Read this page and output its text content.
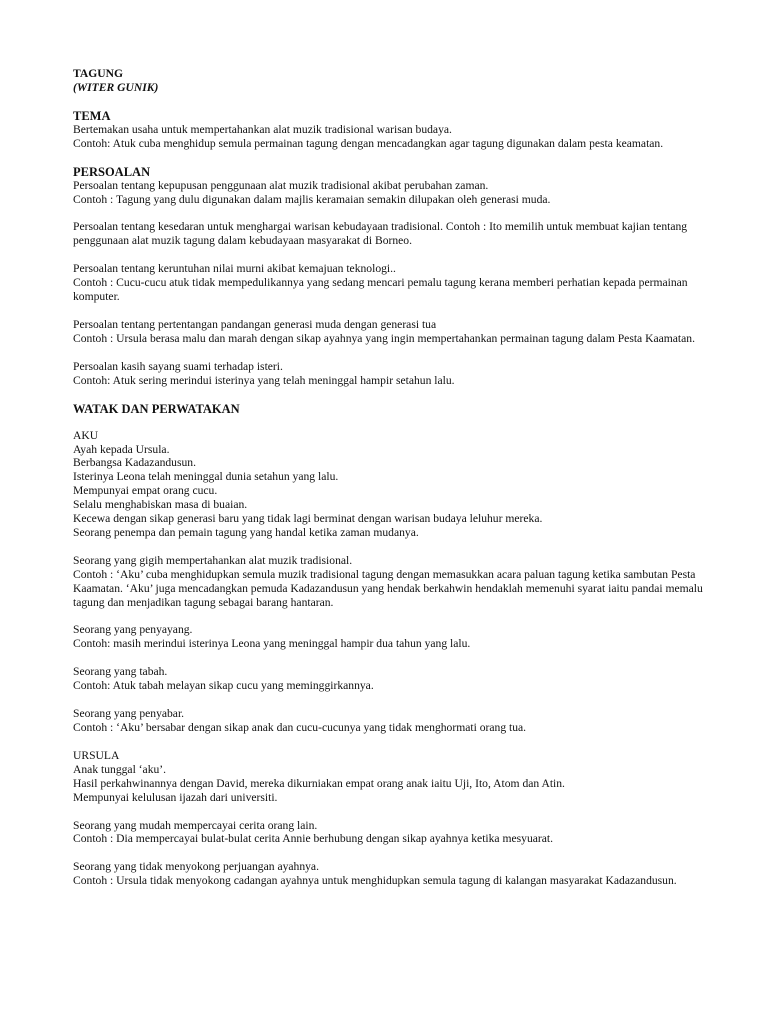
TAGUNG

(WITER GUNIK)

TEMA

Bertemakan usaha untuk mempertahankan alat muzik tradisional warisan budaya.

Contoh: Atuk cuba menghidup semula permainan tagung dengan mencadangkan agar tagung digunakan dalam pesta keamatan.

PERSOALAN

Persoalan tentang kepupusan penggunaan alat muzik tradisional akibat perubahan zaman.

Contoh : Tagung yang dulu digunakan dalam majlis keramaian semakin dilupakan oleh generasi muda.

Persoalan tentang kesedaran untuk menghargai warisan kebudayaan tradisional. Contoh : Ito memilih untuk membuat kajian tentang penggunaan alat muzik tagung dalam kebudayaan masyarakat di Borneo.

Persoalan tentang keruntuhan nilai murni akibat kemajuan teknologi..

Contoh : Cucu-cucu atuk tidak mempedulikannya yang sedang mencari pemalu tagung kerana memberi perhatian kepada permainan komputer.

Persoalan tentang pertentangan pandangan generasi muda dengan generasi tua

Contoh : Ursula berasa malu dan marah dengan sikap ayahnya yang ingin mempertahankan permainan tagung dalam Pesta Kaamatan.

Persoalan kasih sayang suami terhadap isteri.

Contoh: Atuk sering merindui isterinya yang telah meninggal hampir setahun lalu.

WATAK DAN PERWATAKAN

AKU

Ayah kepada Ursula.

Berbangsa Kadazandusun.

Isterinya Leona telah meninggal dunia setahun yang lalu.

Mempunyai empat orang cucu.

Selalu menghabiskan masa di buaian.

Kecewa dengan sikap generasi baru yang tidak lagi berminat dengan warisan budaya leluhur mereka.

Seorang penempa dan pemain tagung yang handal ketika zaman mudanya.

Seorang yang gigih mempertahankan alat muzik tradisional.

Contoh : ‘Aku’ cuba menghidupkan semula muzik tradisional tagung dengan memasukkan acara paluan tagung ketika sambutan Pesta Kaamatan. ‘Aku’ juga mencadangkan pemuda Kadazandusun yang hendak berkahwin hendaklah memenuhi syarat iaitu pandai memalu tagung dan menjadikan tagung sebagai barang hantaran.

Seorang yang penyayang.

Contoh: masih merindui isterinya Leona yang meninggal hampir dua tahun yang lalu.

Seorang yang tabah.

Contoh: Atuk tabah melayan sikap cucu yang meminggirkannya.

Seorang yang penyabar.

Contoh : ‘Aku’ bersabar dengan sikap anak dan cucu-cucunya yang tidak menghormati orang tua.

URSULA

Anak tunggal ‘aku’.

Hasil perkahwinannya dengan David, mereka dikurniakan empat orang anak iaitu Uji, Ito, Atom dan Atin.

Mempunyai kelulusan ijazah dari universiti.

Seorang yang mudah mempercayai cerita orang lain.

Contoh : Dia mempercayai bulat-bulat cerita Annie berhubung dengan sikap ayahnya ketika mesyuarat.

Seorang yang tidak menyokong perjuangan ayahnya.

Contoh : Ursula tidak menyokong cadangan ayahnya untuk menghidupkan semula tagung di kalangan masyarakat Kadazandusun.
